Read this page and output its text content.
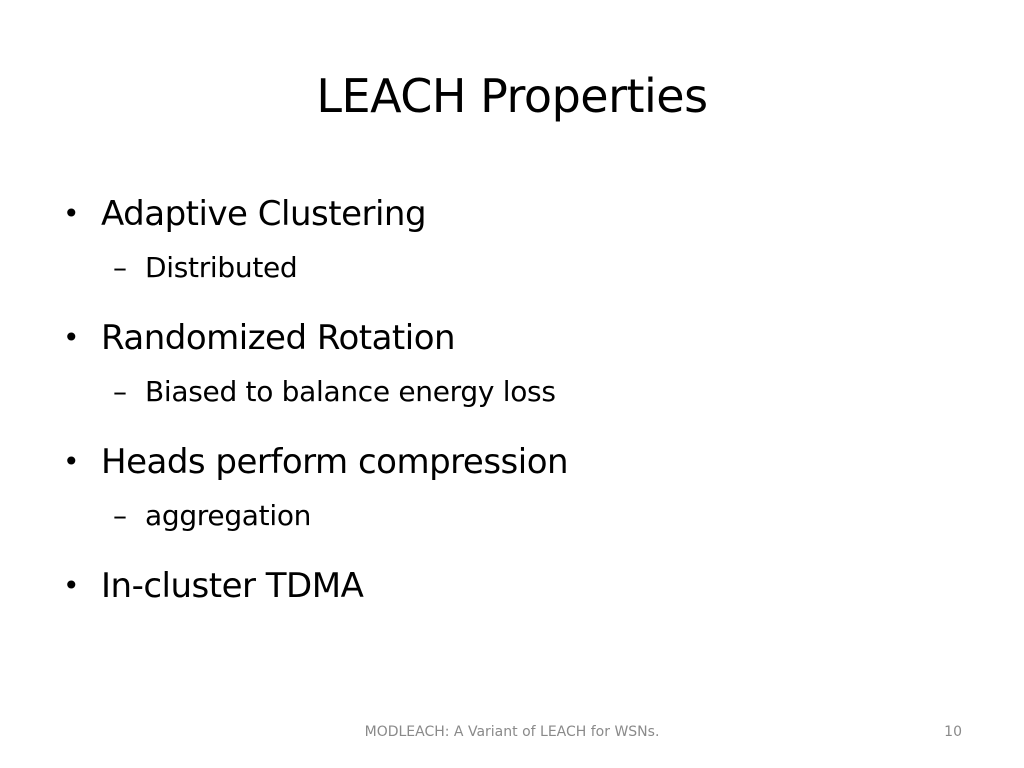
LEACH Properties
• Adaptive Clustering
– Distributed
• Randomized Rotation
– Biased to balance energy loss
• Heads perform compression
– aggregation
• In-cluster TDMA
MODLEACH: A Variant of LEACH for WSNs.	10
